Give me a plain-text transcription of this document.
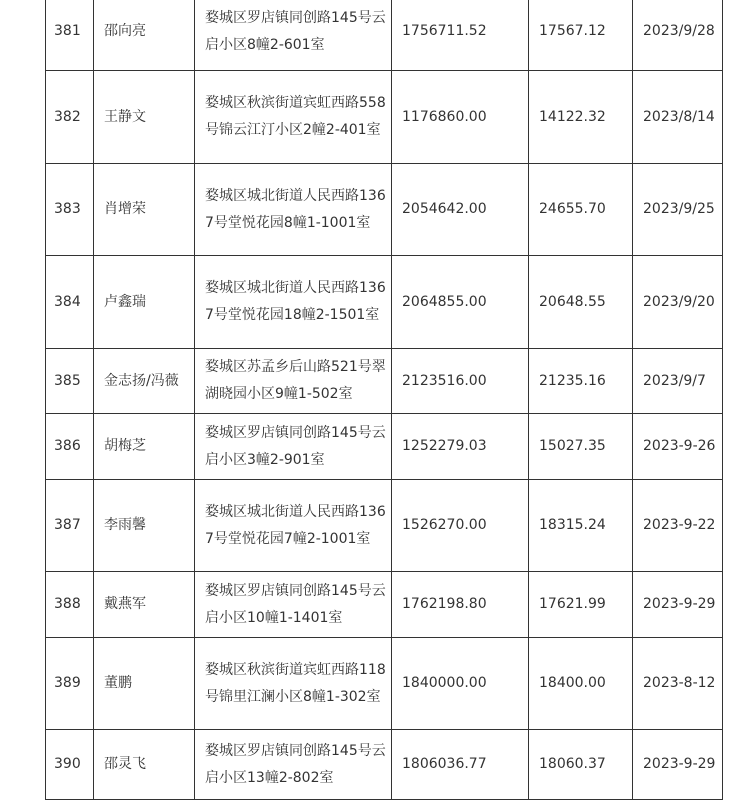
381	邵向亮	婺城区罗店镇同创路145号云启小区8幢2-601室	1756711.52	17567.12	2023/9/28
382	王静文	婺城区秋滨街道宾虹西路558号锦云江汀小区2幢2-401室	1176860.00	14122.32	2023/8/14
383	肖增荣	婺城区城北街道人民西路1367号堂悦花园8幢1-1001室	2054642.00	24655.70	2023/9/25
384	卢鑫瑞	婺城区城北街道人民西路1367号堂悦花园18幢2-1501室	2064855.00	20648.55	2023/9/20
385	金志扬/冯薇	婺城区苏孟乡后山路521号翠湖晓园小区9幢1-502室	2123516.00	21235.16	2023/9/7
386	胡梅芝	婺城区罗店镇同创路145号云启小区3幢2-901室	1252279.03	15027.35	2023-9-26
387	李雨馨	婺城区城北街道人民西路1367号堂悦花园7幢2-1001室	1526270.00	18315.24	2023-9-22
388	戴燕军	婺城区罗店镇同创路145号云启小区10幢1-1401室	1762198.80	17621.99	2023-9-29
389	董鹏	婺城区秋滨街道宾虹西路118号锦里江澜小区8幢1-302室	1840000.00	18400.00	2023-8-12
390	邵灵飞	婺城区罗店镇同创路145号云启小区13幢2-802室	1806036.77	18060.37	2023-9-29
